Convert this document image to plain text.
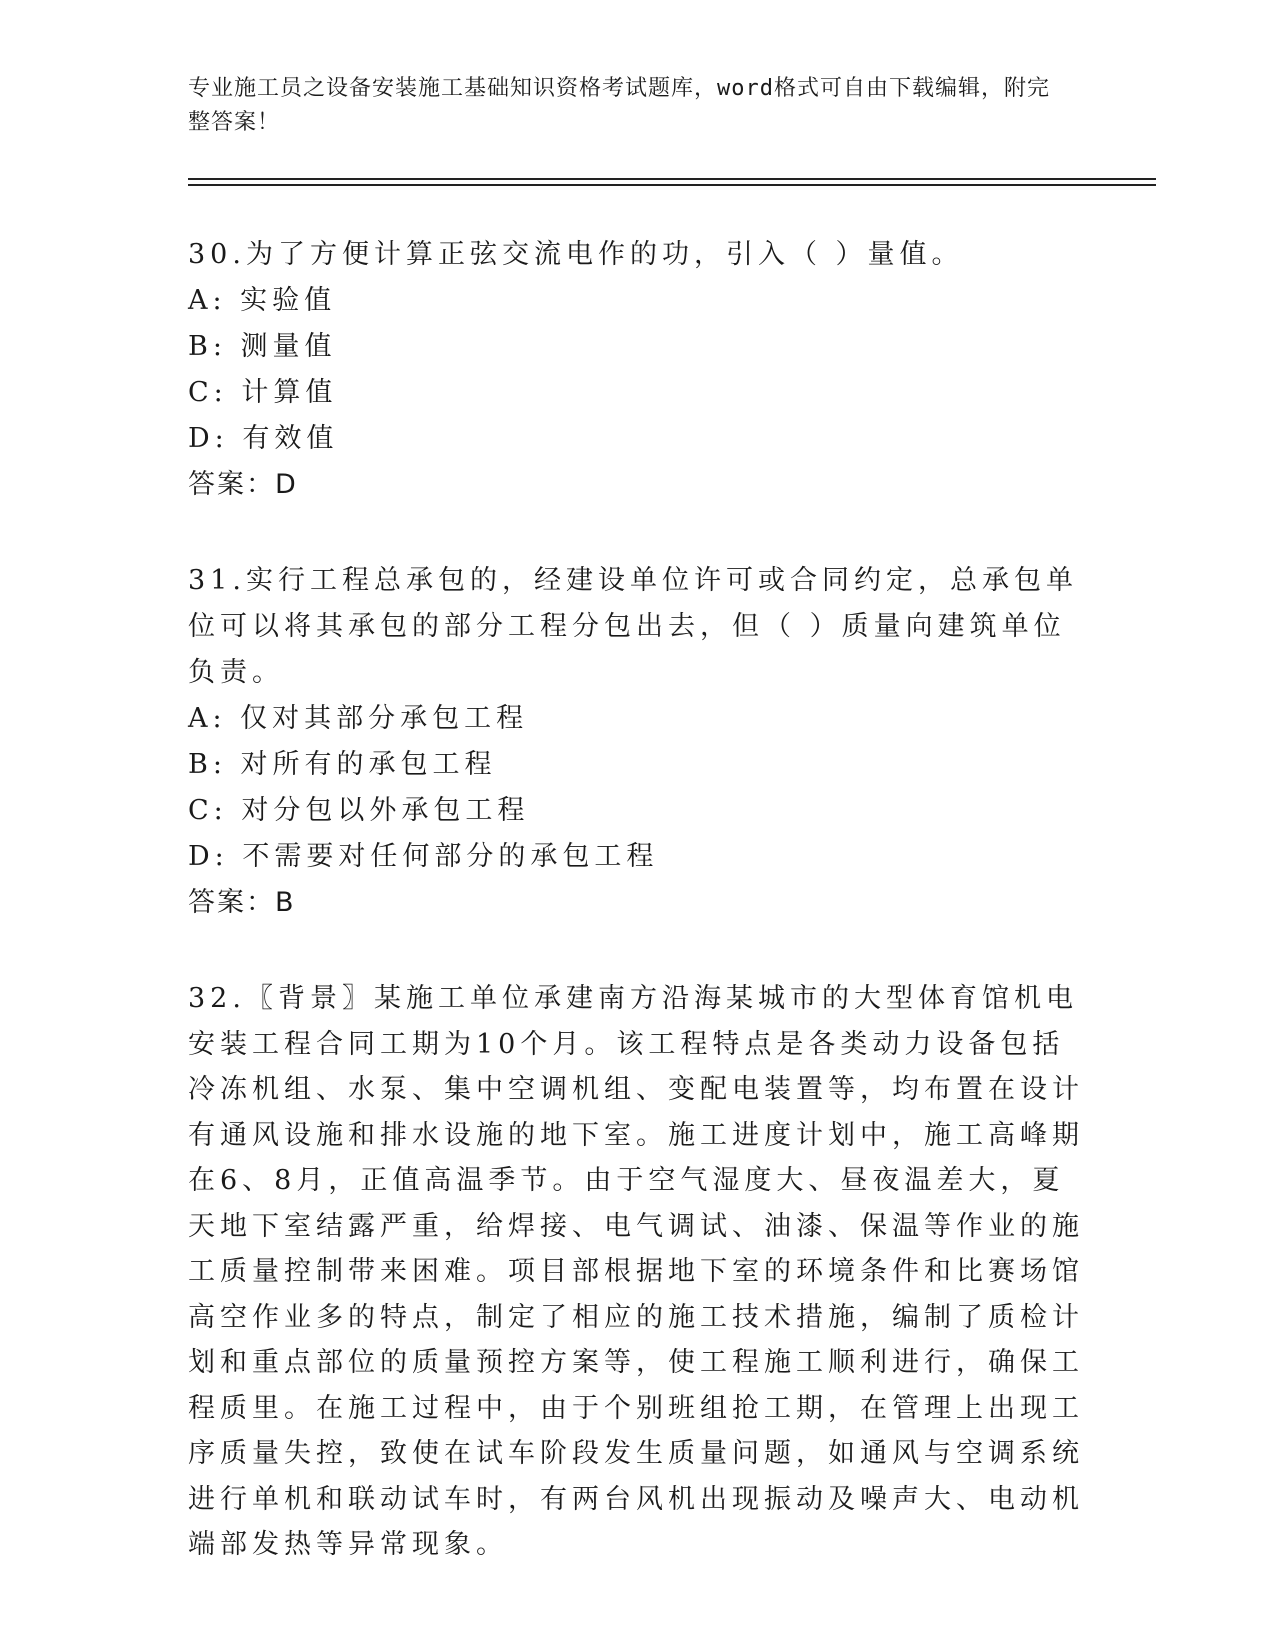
专业施工员之设备安装施工基础知识资格考试题库，word格式可自由下载编辑，附完整答案！

30.为了方便计算正弦交流电作的功，引入（ ）量值。

A: 实验值

B: 测量值

C: 计算值

D: 有效值

答案：D

31.实行工程总承包的，经建设单位许可或合同约定，总承包单位可以将其承包的部分工程分包出去，但（ ）质量向建筑单位负责。

A: 仅对其部分承包工程

B: 对所有的承包工程

C: 对分包以外承包工程

D: 不需要对任何部分的承包工程

答案：B

32.〖背景〗某施工单位承建南方沿海某城市的大型体育馆机电安装工程合同工期为10个月。该工程特点是各类动力设备包括冷冻机组、水泵、集中空调机组、变配电装置等，均布置在设计有通风设施和排水设施的地下室。施工进度计划中，施工高峰期在6、8月，正值高温季节。由于空气湿度大、昼夜温差大，夏天地下室结露严重，给焊接、电气调试、油漆、保温等作业的施工质量控制带来困难。项目部根据地下室的环境条件和比赛场馆高空作业多的特点，制定了相应的施工技术措施，编制了质检计划和重点部位的质量预控方案等，使工程施工顺利进行，确保工程质里。在施工过程中，由于个别班组抢工期，在管理上出现工序质量失控，致使在试车阶段发生质量问题，如通风与空调系统进行单机和联动试车时，有两台风机出现振动及噪声大、电动机端部发热等异常现象。
